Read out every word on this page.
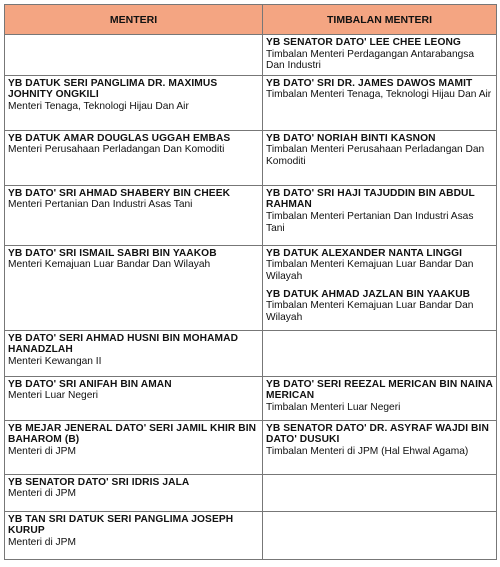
MENTERI	TIMBALAN MENTERI

	YB SENATOR DATO' LEE CHEE LEONG
Timbalan Menteri Perdagangan Antarabangsa Dan Industri

YB DATUK SERI PANGLIMA DR. MAXIMUS JOHNITY ONGKILI
Menteri Tenaga, Teknologi Hijau Dan Air	YB DATO' SRI DR. JAMES DAWOS MAMIT
Timbalan Menteri Tenaga, Teknologi Hijau Dan Air

YB DATUK AMAR DOUGLAS UGGAH EMBAS
Menteri Perusahaan Perladangan Dan Komoditi	YB DATO' NORIAH BINTI KASNON
Timbalan Menteri Perusahaan Perladangan Dan Komoditi

YB DATO' SRI AHMAD SHABERY BIN CHEEK
Menteri Pertanian Dan Industri Asas Tani	YB DATO' SRI HAJI TAJUDDIN BIN ABDUL RAHMAN
Timbalan Menteri Pertanian Dan Industri Asas Tani

YB DATO' SRI ISMAIL SABRI BIN YAAKOB
Menteri Kemajuan Luar Bandar Dan Wilayah	YB DATUK ALEXANDER NANTA LINGGI
Timbalan Menteri Kemajuan Luar Bandar Dan Wilayah
YB DATUK AHMAD JAZLAN BIN YAAKUB
Timbalan Menteri Kemajuan Luar Bandar Dan Wilayah

YB DATO' SERI AHMAD HUSNI BIN MOHAMAD HANADZLAH
Menteri Kewangan II	

YB DATO' SRI ANIFAH BIN AMAN
Menteri Luar Negeri	YB DATO' SERI REEZAL MERICAN BIN NAINA MERICAN
Timbalan Menteri Luar Negeri

YB MEJAR JENERAL DATO' SERI JAMIL KHIR BIN BAHAROM (B)
Menteri di JPM	YB SENATOR DATO' DR. ASYRAF WAJDI BIN DATO' DUSUKI
Timbalan Menteri di JPM (Hal Ehwal Agama)

YB SENATOR DATO' SRI IDRIS JALA
Menteri di JPM	

YB TAN SRI DATUK SERI PANGLIMA JOSEPH KURUP
Menteri di JPM	
